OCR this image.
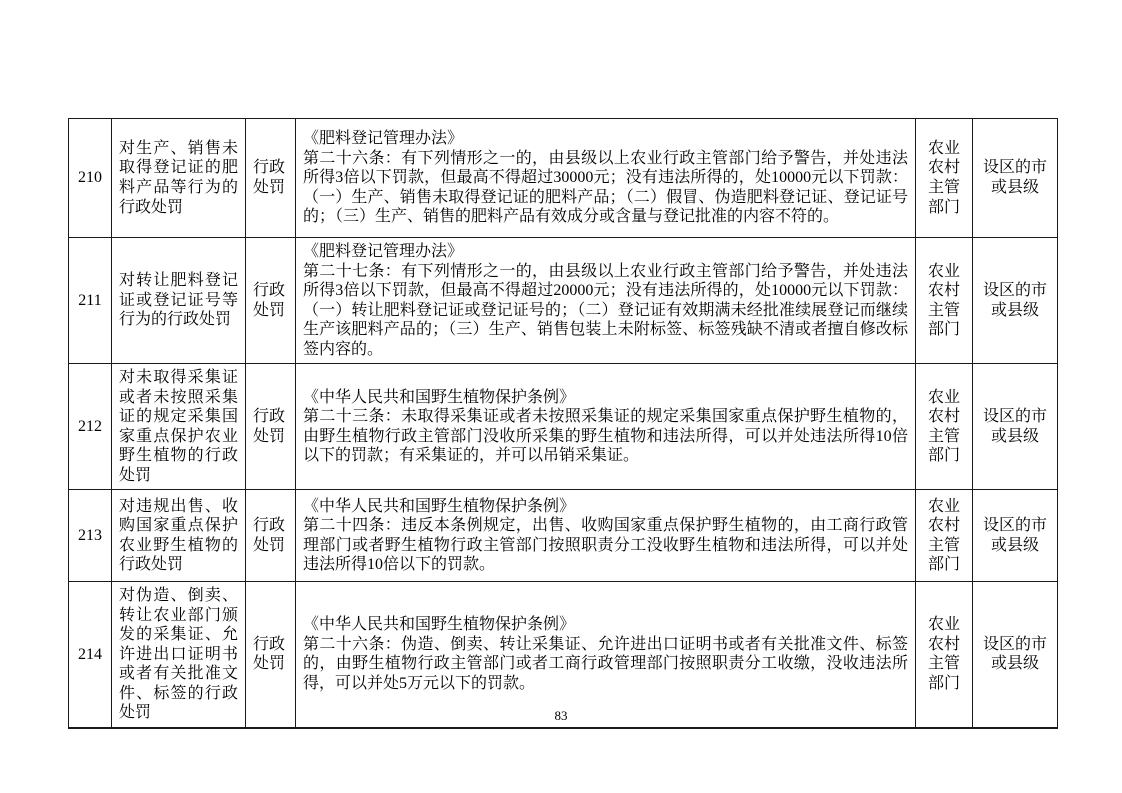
210	对生产、销售未取得登记证的肥料产品等行为的行政处罚	行政处罚	《肥料登记管理办法》
第二十六条：有下列情形之一的，由县级以上农业行政主管部门给予警告，并处违法所得3倍以下罚款，但最高不得超过30000元；没有违法所得的，处10000元以下罚款：（一）生产、销售未取得登记证的肥料产品；（二）假冒、伪造肥料登记证、登记证号的；（三）生产、销售的肥料产品有效成分或含量与登记批准的内容不符的。	农业农村主管部门	设区的市或县级
211	对转让肥料登记证或登记证号等行为的行政处罚	行政处罚	《肥料登记管理办法》
第二十七条：有下列情形之一的，由县级以上农业行政主管部门给予警告，并处违法所得3倍以下罚款，但最高不得超过20000元；没有违法所得的，处10000元以下罚款：（一）转让肥料登记证或登记证号的；（二）登记证有效期满未经批准续展登记而继续生产该肥料产品的；（三）生产、销售包装上未附标签、标签残缺不清或者擅自修改标签内容的。	农业农村主管部门	设区的市或县级
212	对未取得采集证或者未按照采集证的规定采集国家重点保护农业野生植物的行政处罚	行政处罚	《中华人民共和国野生植物保护条例》
第二十三条：未取得采集证或者未按照采集证的规定采集国家重点保护野生植物的，由野生植物行政主管部门没收所采集的野生植物和违法所得，可以并处违法所得10倍以下的罚款；有采集证的，并可以吊销采集证。	农业农村主管部门	设区的市或县级
213	对违规出售、收购国家重点保护农业野生植物的行政处罚	行政处罚	《中华人民共和国野生植物保护条例》
第二十四条：违反本条例规定，出售、收购国家重点保护野生植物的，由工商行政管理部门或者野生植物行政主管部门按照职责分工没收野生植物和违法所得，可以并处违法所得10倍以下的罚款。	农业农村主管部门	设区的市或县级
214	对伪造、倒卖、转让农业部门颁发的采集证、允许进出口证明书或者有关批准文件、标签的行政处罚	行政处罚	《中华人民共和国野生植物保护条例》
第二十六条：伪造、倒卖、转让采集证、允许进出口证明书或者有关批准文件、标签的，由野生植物行政主管部门或者工商行政管理部门按照职责分工收缴，没收违法所得，可以并处5万元以下的罚款。	农业农村主管部门	设区的市或县级
83
